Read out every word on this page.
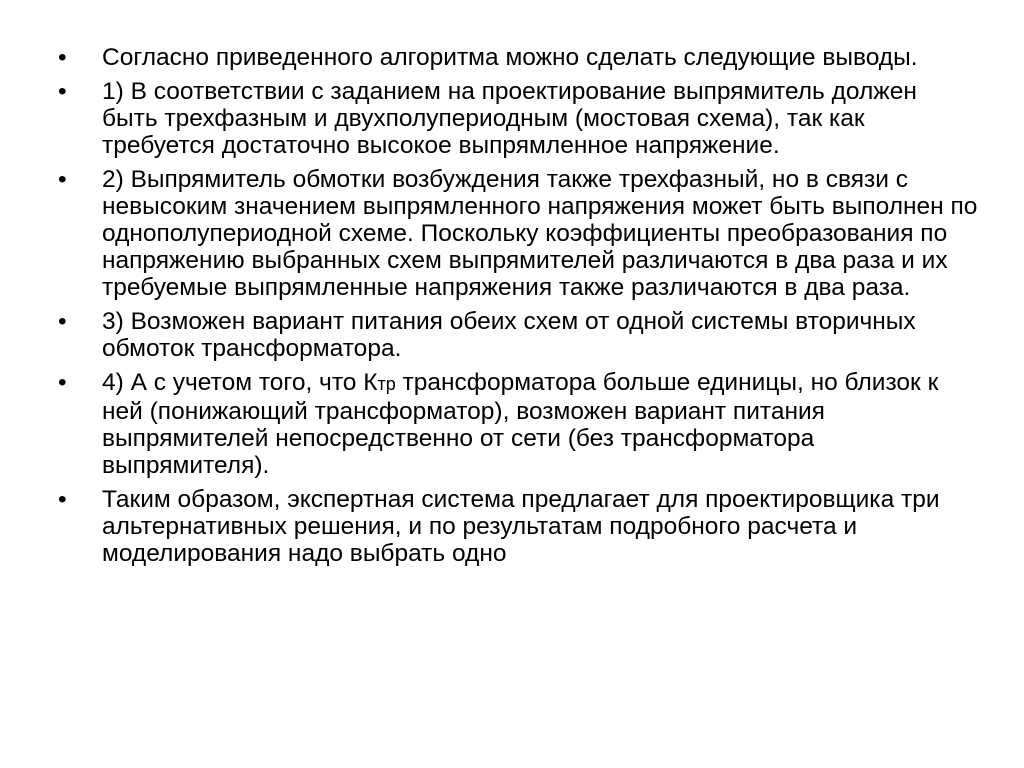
•	Согласно приведенного алгоритма можно сделать следующие выводы.
•	1) В соответствии с заданием на проектирование выпрямитель должен быть трехфазным и двухполупериодным (мостовая схема), так как требуется достаточно высокое выпрямленное напряжение.
•	2) Выпрямитель обмотки возбуждения также трехфазный, но в связи с невысоким значением выпрямленного напряжения может быть выполнен по однополупериодной схеме. Поскольку коэффициенты преобразования по напряжению выбранных схем выпрямителей различаются в два раза и их требуемые выпрямленные напряжения также различаются в два раза.
•	3) Возможен вариант питания обеих схем от одной системы вторичных обмоток трансформатора.
•	4) А с учетом того, что Ктр трансформатора больше единицы, но близок к ней (понижающий трансформатор), возможен вариант питания выпрямителей непосредственно от сети (без трансформатора выпрямителя).
•	Таким образом, экспертная система предлагает для проектировщика три альтернативных решения, и по результатам подробного расчета и моделирования надо выбрать одно
